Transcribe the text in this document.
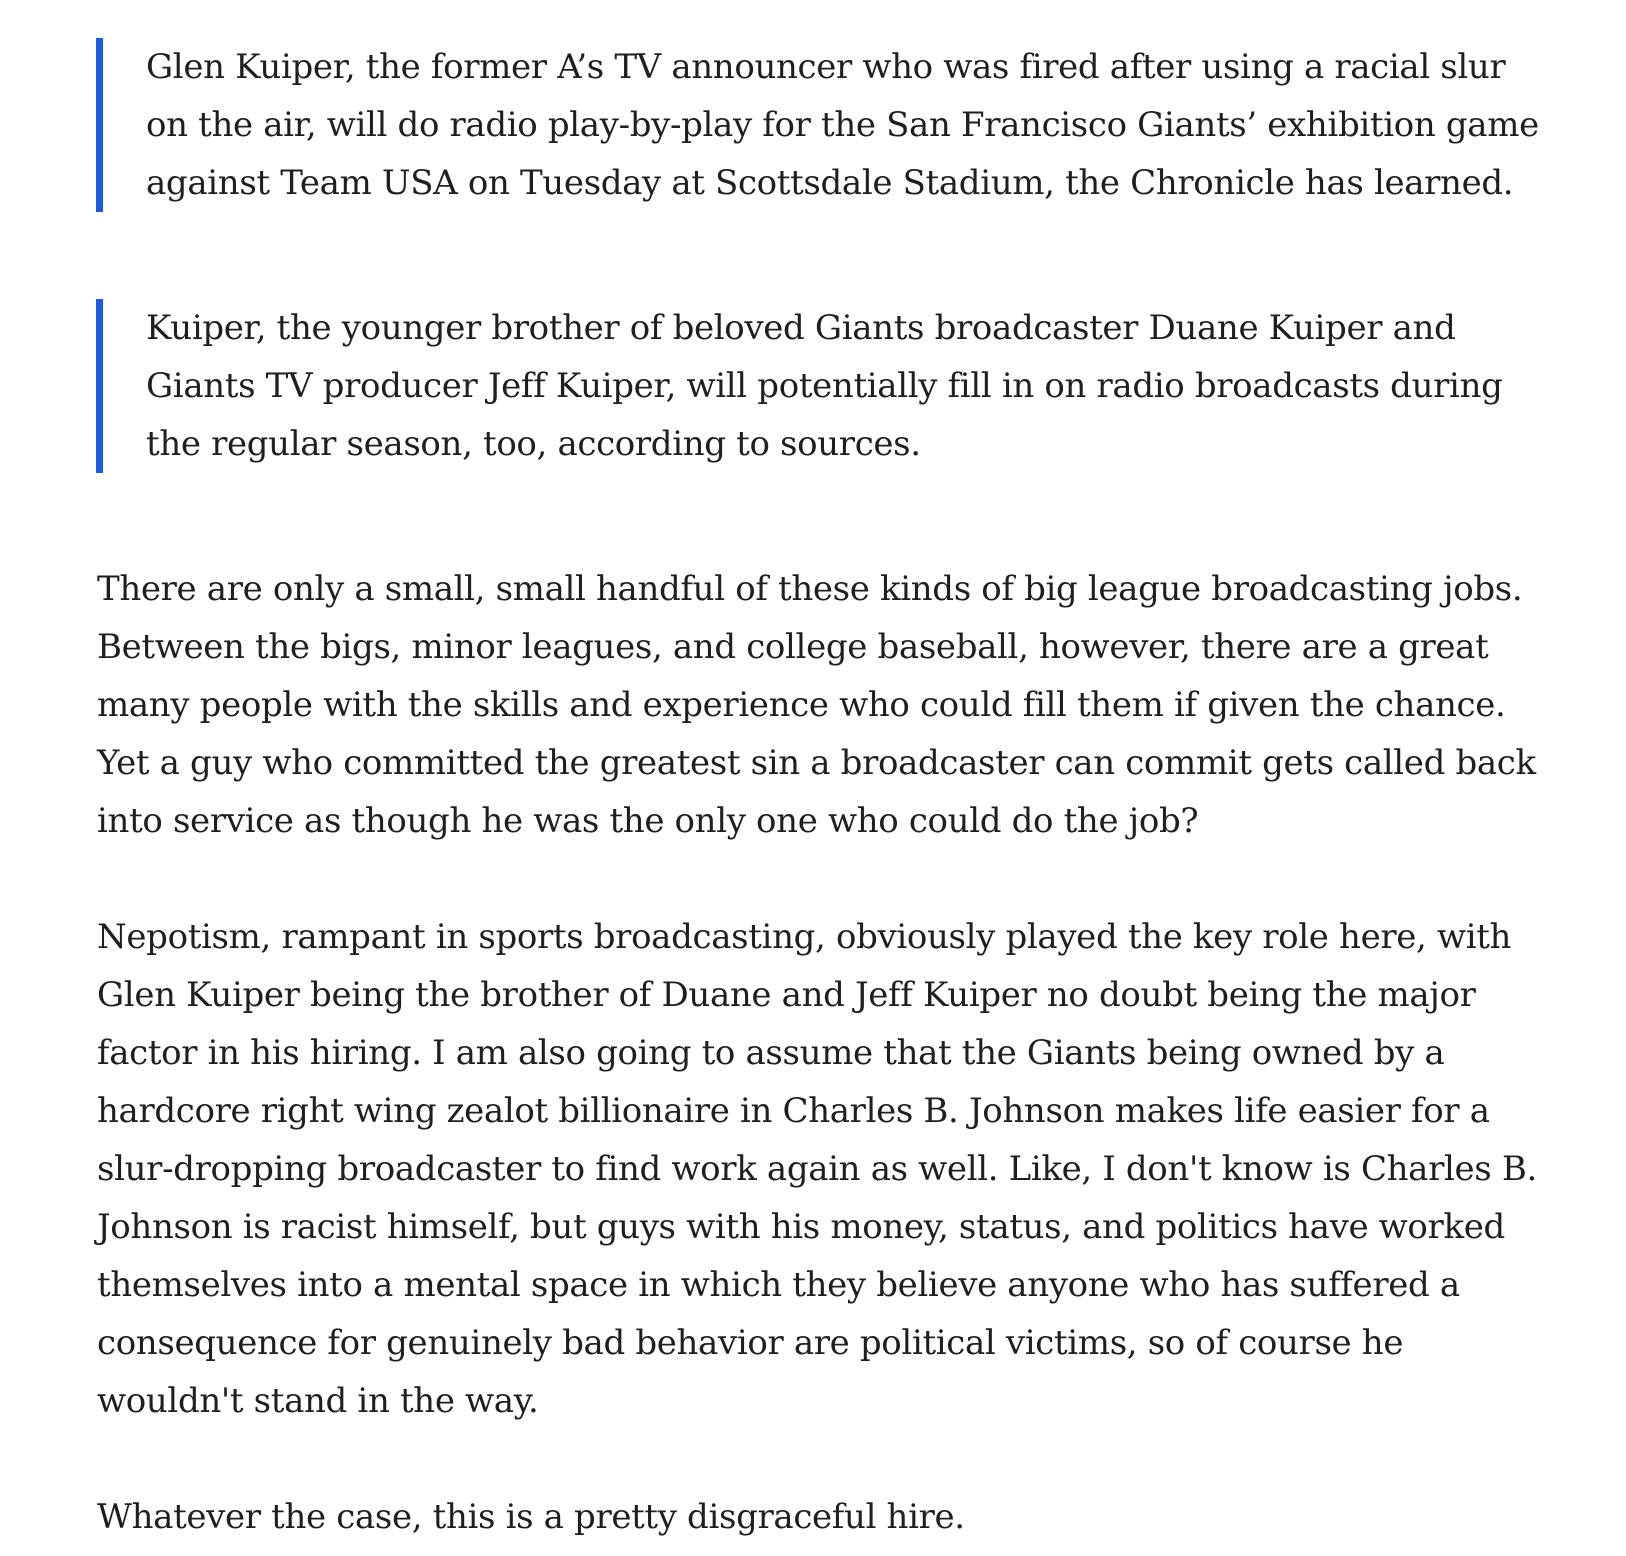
Glen Kuiper, the former A’s TV announcer who was fired after using a racial slur on the air, will do radio play-by-play for the San Francisco Giants’ exhibition game against Team USA on Tuesday at Scottsdale Stadium, the Chronicle has learned.

Kuiper, the younger brother of beloved Giants broadcaster Duane Kuiper and Giants TV producer Jeff Kuiper, will potentially fill in on radio broadcasts during the regular season, too, according to sources.

There are only a small, small handful of these kinds of big league broadcasting jobs. Between the bigs, minor leagues, and college baseball, however, there are a great many people with the skills and experience who could fill them if given the chance. Yet a guy who committed the greatest sin a broadcaster can commit gets called back into service as though he was the only one who could do the job?

Nepotism, rampant in sports broadcasting, obviously played the key role here, with Glen Kuiper being the brother of Duane and Jeff Kuiper no doubt being the major factor in his hiring. I am also going to assume that the Giants being owned by a hardcore right wing zealot billionaire in Charles B. Johnson makes life easier for a slur-dropping broadcaster to find work again as well. Like, I don't know is Charles B. Johnson is racist himself, but guys with his money, status, and politics have worked themselves into a mental space in which they believe anyone who has suffered a consequence for genuinely bad behavior are political victims, so of course he wouldn't stand in the way.

Whatever the case, this is a pretty disgraceful hire.
